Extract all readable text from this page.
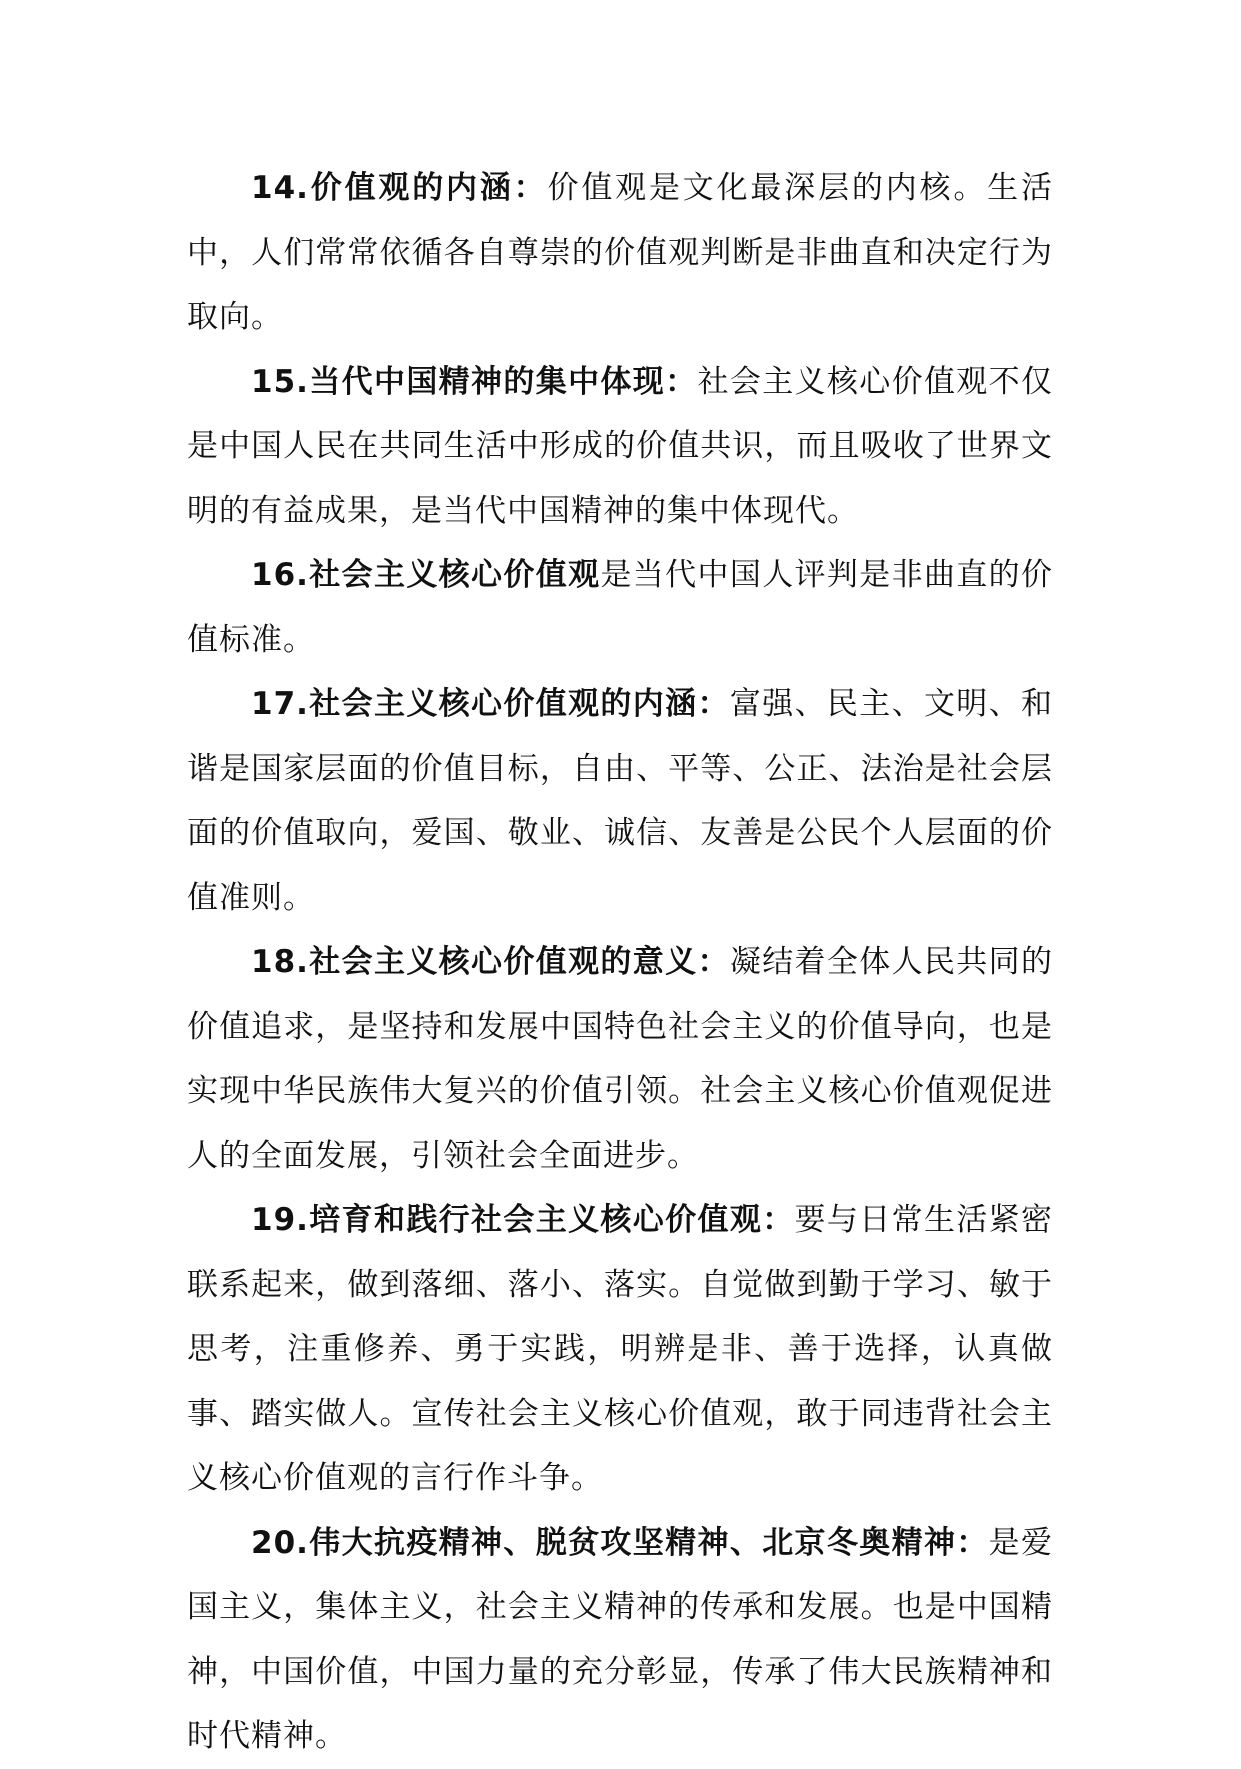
14.价值观的内涵：价值观是文化最深层的内核。生活中，人们常常依循各自尊崇的价值观判断是非曲直和决定行为取向。

15.当代中国精神的集中体现：社会主义核心价值观不仅是中国人民在共同生活中形成的价值共识，而且吸收了世界文明的有益成果，是当代中国精神的集中体现代。

16.社会主义核心价值观是当代中国人评判是非曲直的价值标准。

17.社会主义核心价值观的内涵：富强、民主、文明、和谐是国家层面的价值目标，自由、平等、公正、法治是社会层面的价值取向，爱国、敬业、诚信、友善是公民个人层面的价值准则。

18.社会主义核心价值观的意义：凝结着全体人民共同的价值追求，是坚持和发展中国特色社会主义的价值导向，也是实现中华民族伟大复兴的价值引领。社会主义核心价值观促进人的全面发展，引领社会全面进步。

19.培育和践行社会主义核心价值观：要与日常生活紧密联系起来，做到落细、落小、落实。自觉做到勤于学习、敏于思考，注重修养、勇于实践，明辨是非、善于选择，认真做事、踏实做人。宣传社会主义核心价值观，敢于同违背社会主义核心价值观的言行作斗争。

20.伟大抗疫精神、脱贫攻坚精神、北京冬奥精神：是爱国主义，集体主义，社会主义精神的传承和发展。也是中国精神，中国价值，中国力量的充分彰显，传承了伟大民族精神和时代精神。
